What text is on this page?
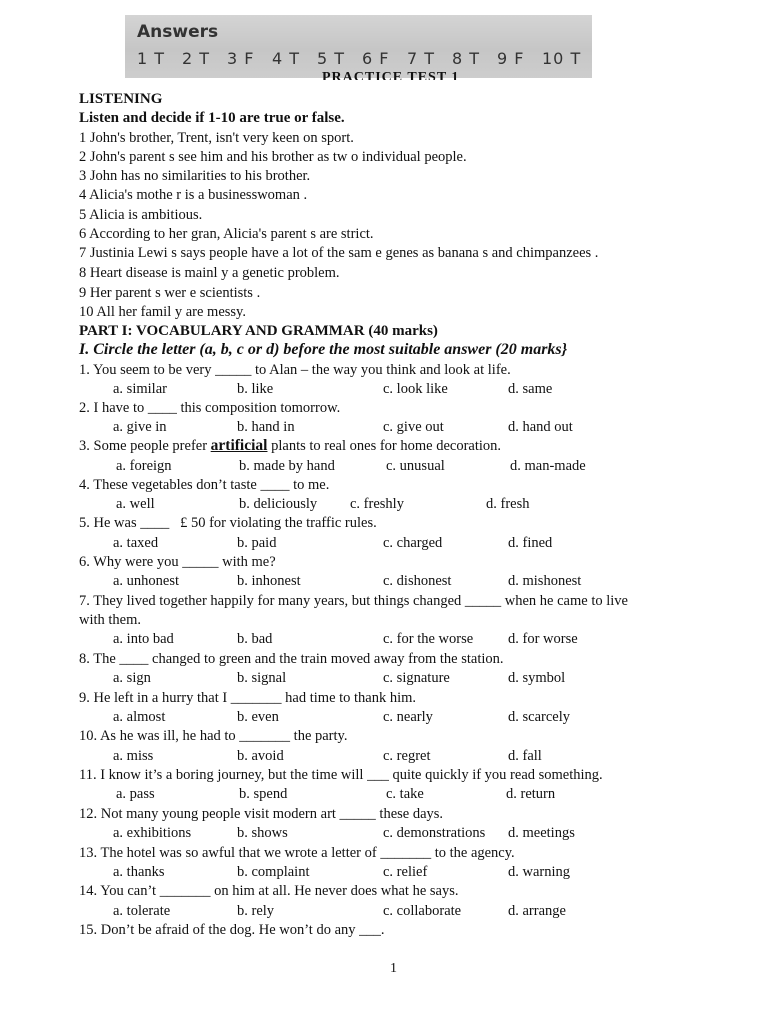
Answers
1 T	2 T	3 F	4 T	5 T	6 F	7 T	8 T	9 F	10 T
PRACTICE TEST 1
LISTENING
Listen and decide if 1-10 are true or false.
1 John's brother, Trent, isn't very keen on sport.
2 John's parent s see him and his brother as tw o individual people.
3 John has no similarities to his brother.
4 Alicia's mothe r is a businesswoman .
5 Alicia is ambitious.
6 According to her gran, Alicia's parent s are strict.
7 Justinia Lewi s says people have a lot of the sam e genes as banana s and chimpanzees .
8 Heart disease is mainl y a genetic problem.
9 Her parent s wer e scientists .
10 All her famil y are messy.
PART I: VOCABULARY AND GRAMMAR (40 marks)
I. Circle the letter (a, b, c or d) before the most suitable answer (20 marks}
1. You seem to be very _____ to Alan – the way you think and look at life.
a. similar	b. like	c. look like	d. same
2. I have to ____ this composition tomorrow.
a. give in	b. hand in	c. give out	d. hand out
3. Some people prefer artificial plants to real ones for home decoration.
a. foreign	b. made by hand	c. unusual	d. man-made
4. These vegetables don’t taste ____ to me.
a. well	b. deliciously c. freshly	d. fresh
5. He was ____   £ 50 for violating the traffic rules.
a. taxed	b. paid	c. charged	d. fined
6. Why were you _____ with me?
a. unhonest	b. inhonest	c. dishonest	d. mishonest
7. They lived together happily for many years, but things changed _____ when he came to live
with them.
a. into bad	b. bad	c. for the worse d. for worse
8. The ____ changed to green and the train moved away from the station.
a. sign	b. signal	c. signature	d. symbol
9. He left in a hurry that I _______ had time to thank him.
a. almost	b. even	c. nearly	d. scarcely
10. As he was ill, he had to _______ the party.
a. miss	b. avoid	c. regret	d. fall
11. I know it’s a boring journey, but the time will ___ quite quickly if you read something.
a. pass	b. spend	c. take	d. return
12. Not many young people visit modern art _____ these days.
a. exhibitions	b. shows	c. demonstrations d. meetings
13. The hotel was so awful that we wrote a letter of _______ to the agency.
a. thanks	b. complaint	c. relief	d. warning
14. You can’t _______ on him at all. He never does what he says.
a. tolerate	b. rely	c. collaborate	d. arrange
15. Don’t be afraid of the dog. He won’t do any ___.
1
